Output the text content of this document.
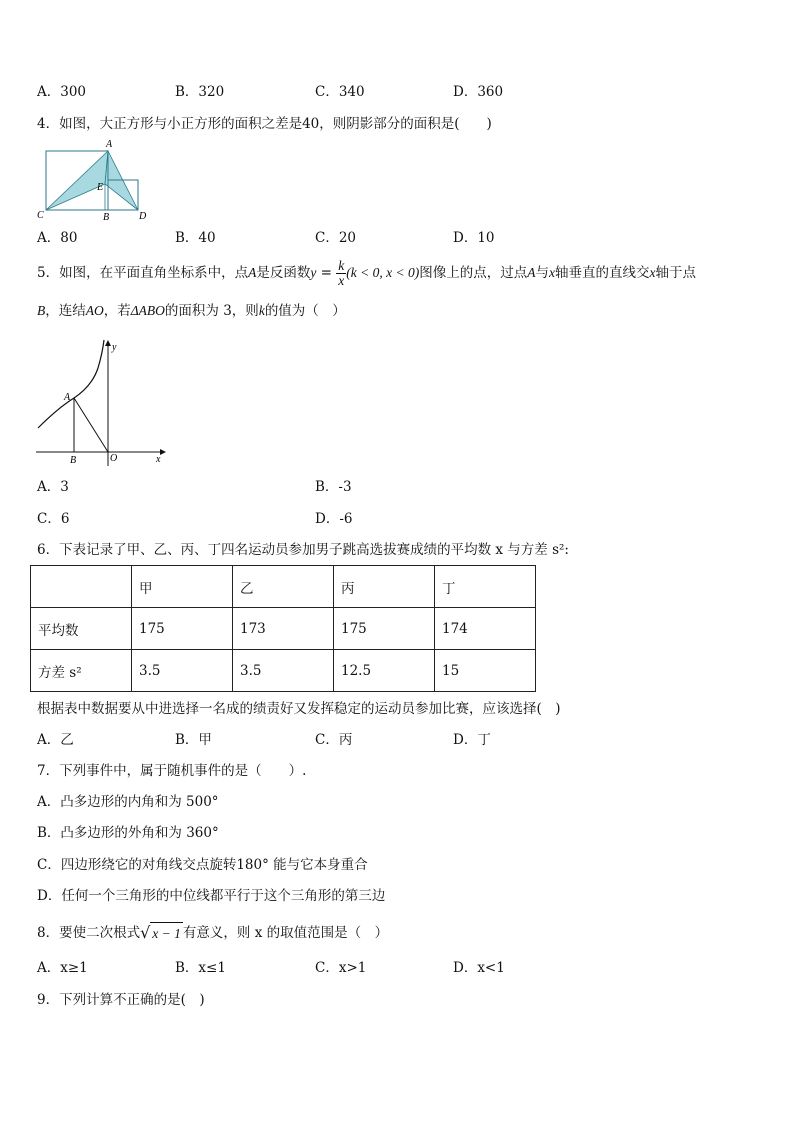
A．300	B．320	C．340	D．360
4．如图，大正方形与小正方形的面积之差是40，则阴影部分的面积是(　　)
A
E
C	B	D
A．80	B．40	C．20	D．10
5．如图，在平面直角坐标系中，点A是反函数$y = \frac{k}{x} (k < 0$, x < 0)图像上的点，过点A与x轴垂直的直线交x轴于点
B，连结AO，若ΔABO的面积为 3，则k的值为（　）
y
x
A
B	O
A．3	B．-3
C．6	D．-6
6．下表记录了甲、乙、丙、丁四名运动员参加男子跳高选拔赛成绩的平均数 x 与方差 s²:
	甲	乙	丙	丁
平均数	175	173	175	174
方差 s²	3.5	3.5	12.5	15
根据表中数据要从中进选择一名成的绩责好又发挥稳定的运动员参加比赛，应该选择(　)
A．乙	B．甲	C．丙	D．丁
7．下列事件中，属于随机事件的是（　　）.
A．凸多边形的内角和为 500°
B．凸多边形的外角和为 360°
C．四边形绕它的对角线交点旋转180° 能与它本身重合
D．任何一个三角形的中位线都平行于这个三角形的第三边
8．要使二次根式√ x − 1 有意义，则 x 的取值范围是（　）
A．x≥1	B．x≤1	C．x>1	D．x<1
9．下列计算不正确的是(　)
